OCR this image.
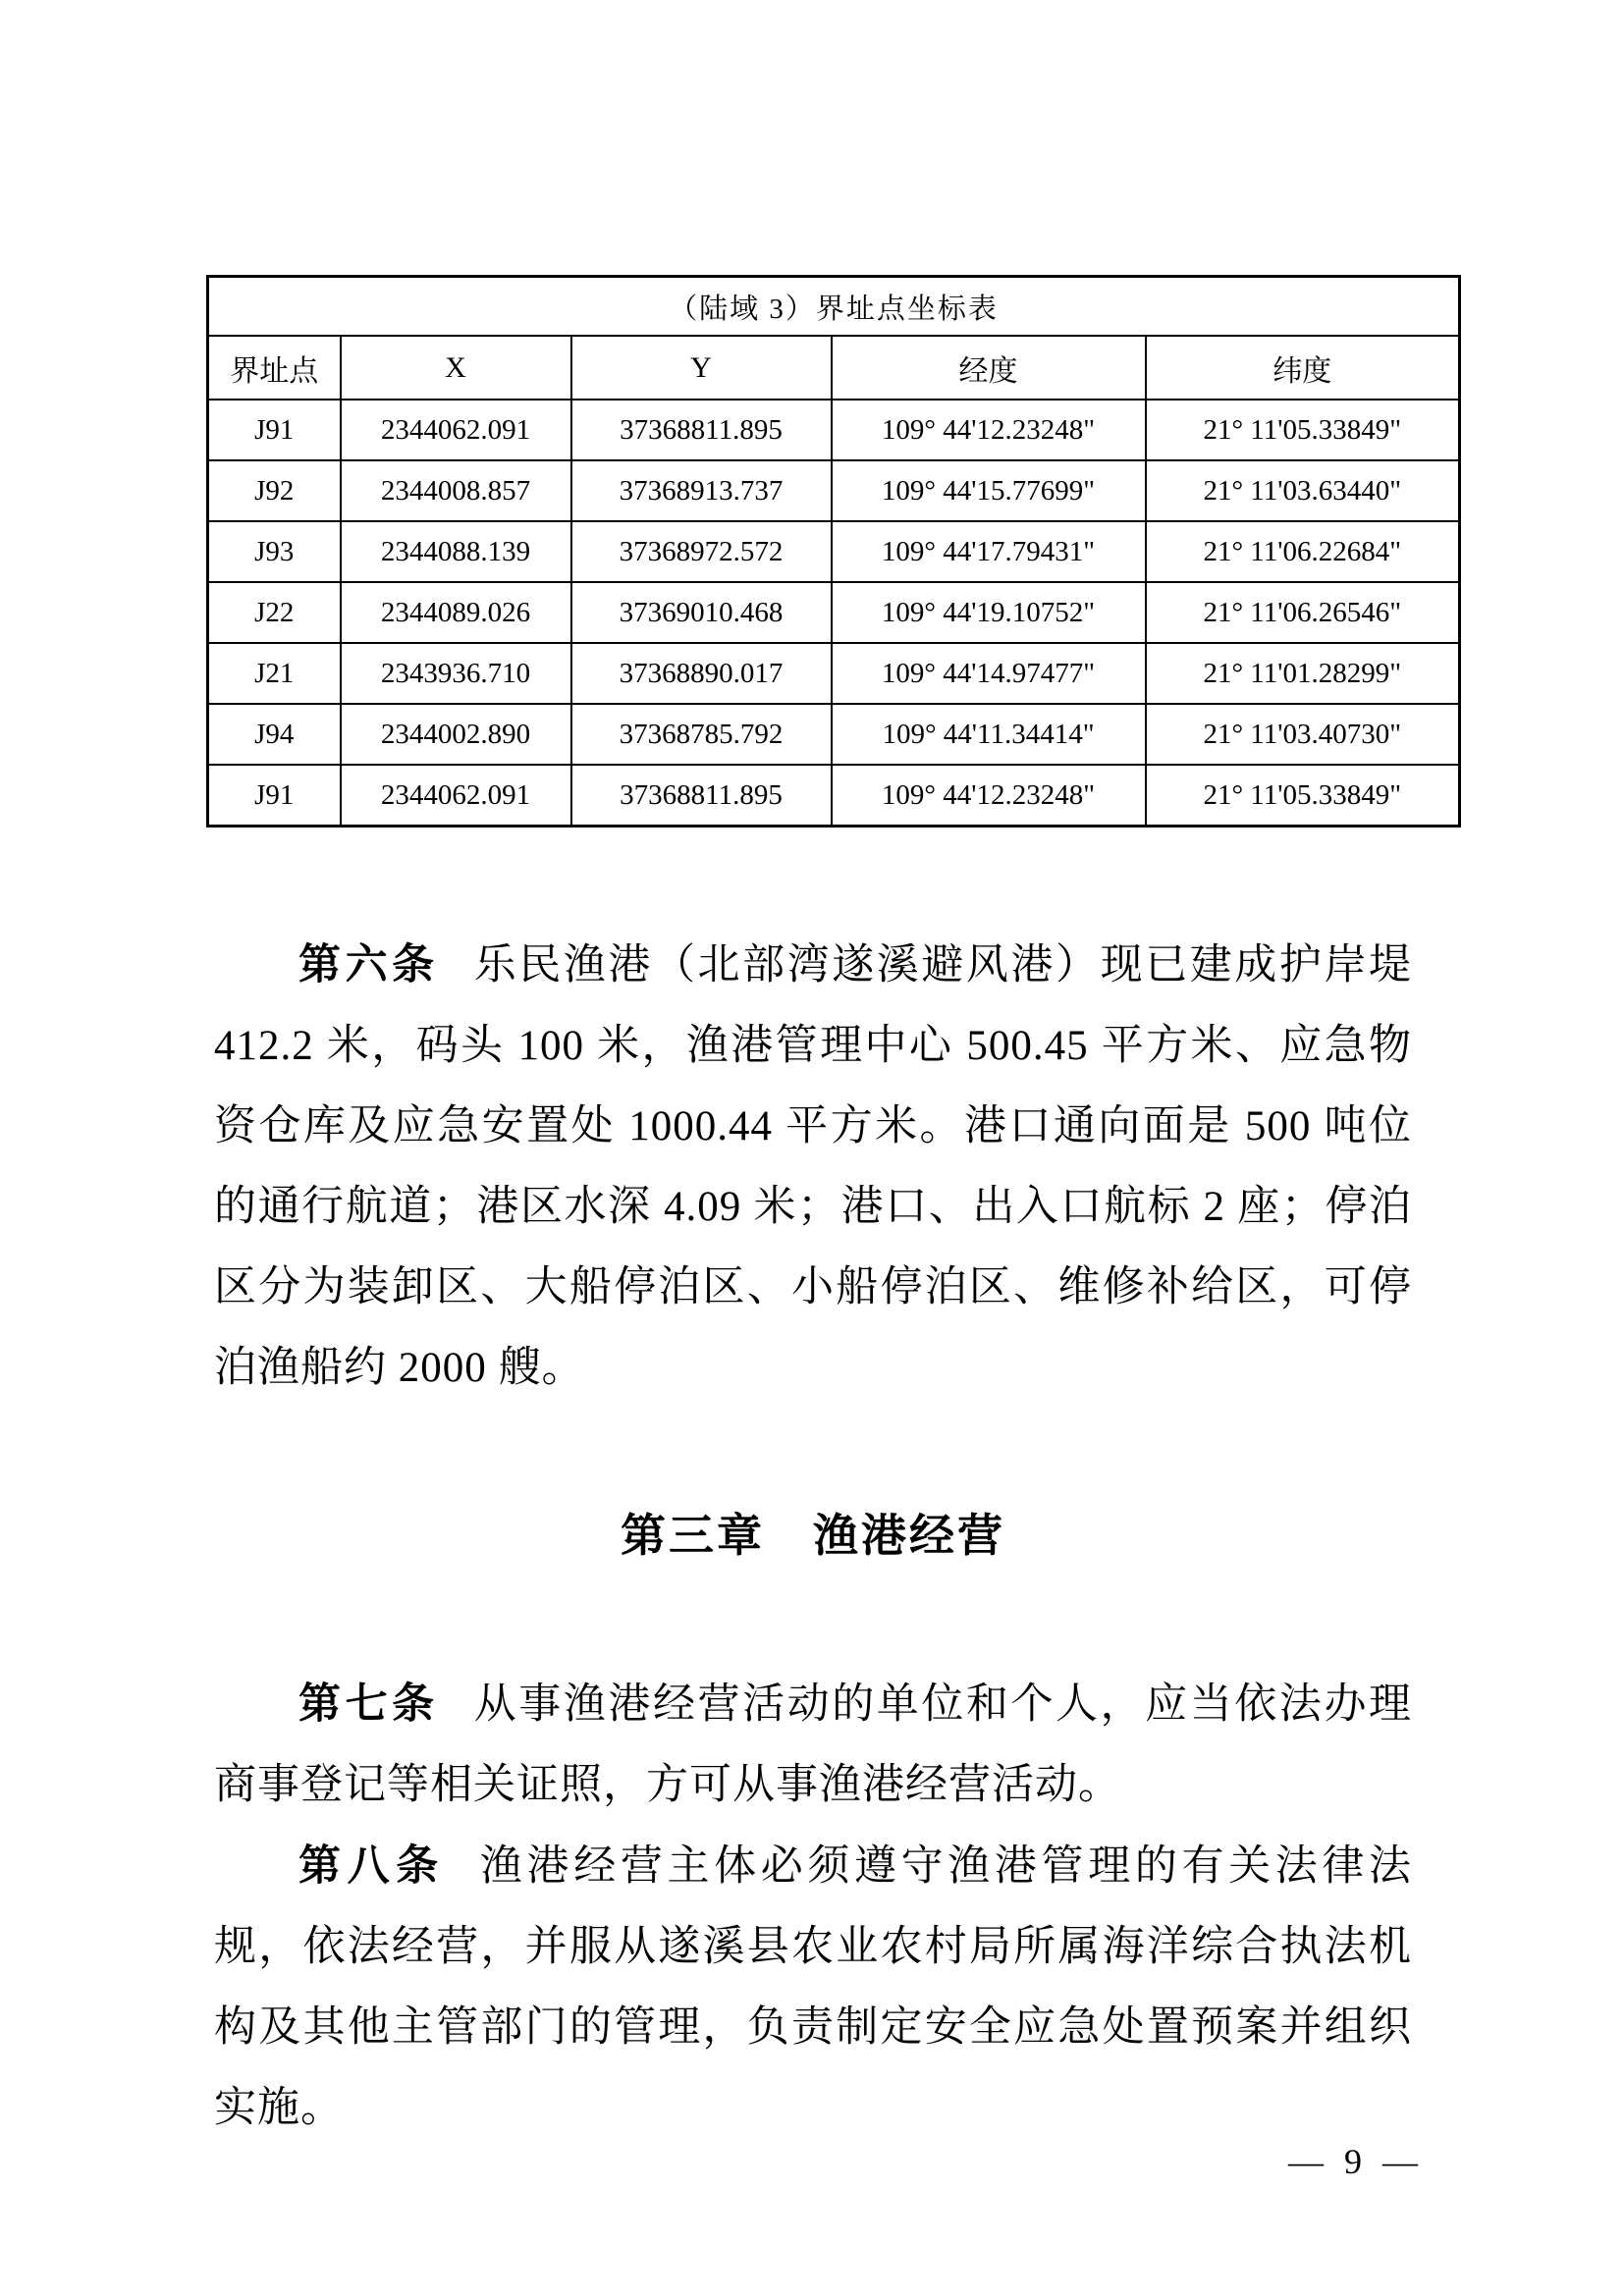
（陆域 3）界址点坐标表				
界址点	X	Y	经度	纬度
J91	2344062.091	37368811.895	109° 44'12.23248"	21° 11'05.33849"
J92	2344008.857	37368913.737	109° 44'15.77699"	21° 11'03.63440"
J93	2344088.139	37368972.572	109° 44'17.79431"	21° 11'06.22684"
J22	2344089.026	37369010.468	109° 44'19.10752"	21° 11'06.26546"
J21	2343936.710	37368890.017	109° 44'14.97477"	21° 11'01.28299"
J94	2344002.890	37368785.792	109° 44'11.34414"	21° 11'03.40730"
J91	2344062.091	37368811.895	109° 44'12.23248"	21° 11'05.33849"

第六条 乐民渔港（北部湾遂溪避风港）现已建成护岸堤 412.2 米，码头 100 米，渔港管理中心 500.45 平方米、应急物资仓库及应急安置处 1000.44 平方米。港口通向面是 500 吨位的通行航道；港区水深 4.09 米；港口、出入口航标 2 座；停泊区分为装卸区、大船停泊区、小船停泊区、维修补给区，可停泊渔船约 2000 艘。

第三章　渔港经营

第七条 从事渔港经营活动的单位和个人，应当依法办理商事登记等相关证照，方可从事渔港经营活动。

第八条 渔港经营主体必须遵守渔港管理的有关法律法规，依法经营，并服从遂溪县农业农村局所属海洋综合执法机构及其他主管部门的管理，负责制定安全应急处置预案并组织实施。

— 9 —
